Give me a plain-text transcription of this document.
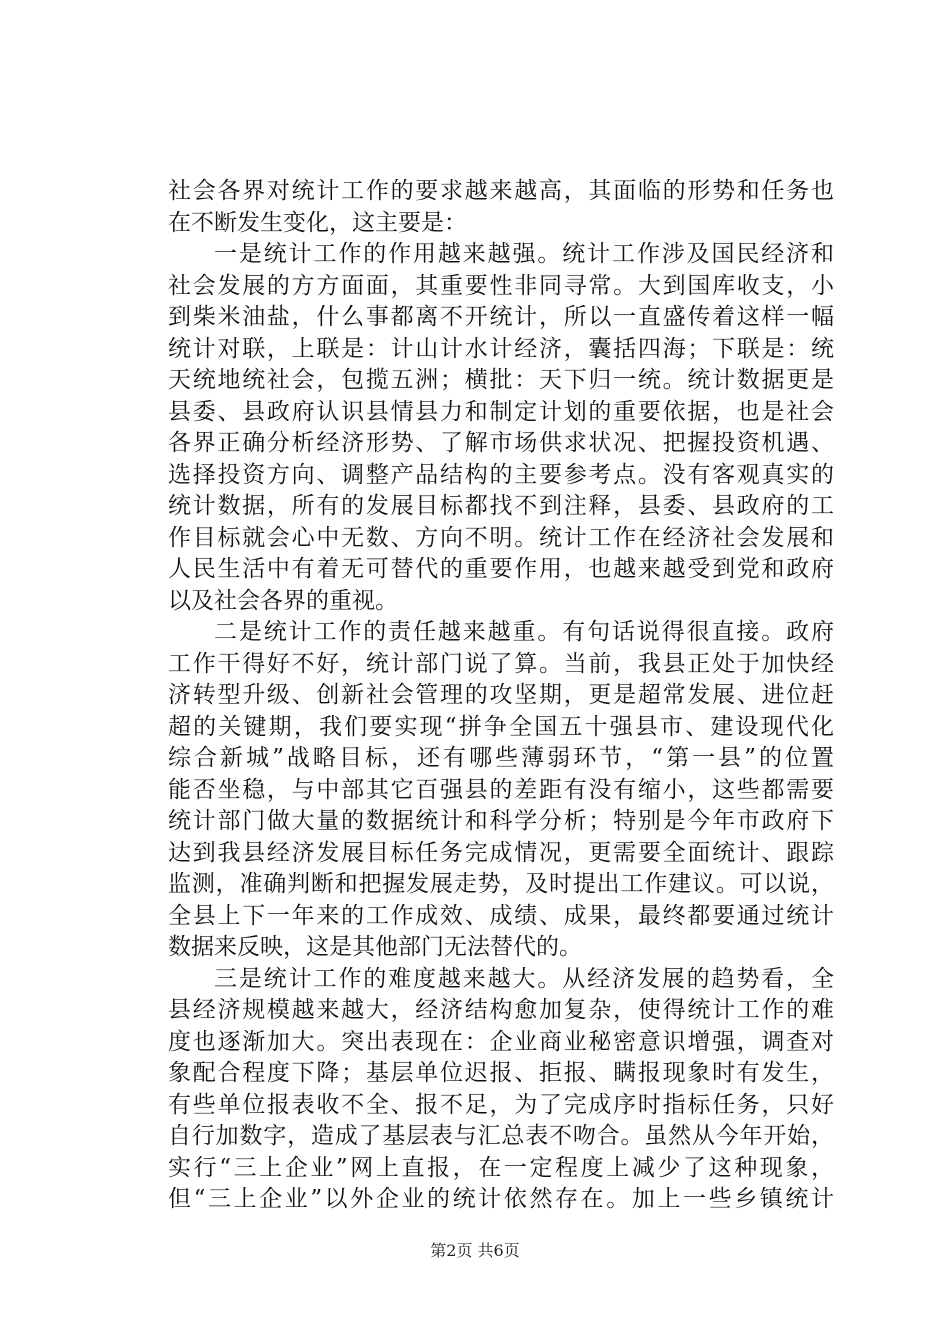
社会各界对统计工作的要求越来越高，其面临的形势和任务也
在不断发生变化，这主要是：
一是统计工作的作用越来越强。统计工作涉及国民经济和
社会发展的方方面面，其重要性非同寻常。大到国库收支，小
到柴米油盐，什么事都离不开统计，所以一直盛传着这样一幅
统计对联，上联是：计山计水计经济，囊括四海；下联是：统
天统地统社会，包揽五洲；横批：天下归一统。统计数据更是
县委、县政府认识县情县力和制定计划的重要依据，也是社会
各界正确分析经济形势、了解市场供求状况、把握投资机遇、
选择投资方向、调整产品结构的主要参考点。没有客观真实的
统计数据，所有的发展目标都找不到注释，县委、县政府的工
作目标就会心中无数、方向不明。统计工作在经济社会发展和
人民生活中有着无可替代的重要作用，也越来越受到党和政府
以及社会各界的重视。
二是统计工作的责任越来越重。有句话说得很直接。政府
工作干得好不好，统计部门说了算。当前，我县正处于加快经
济转型升级、创新社会管理的攻坚期，更是超常发展、进位赶
超的关键期，我们要实现“拼争全国五十强县市、建设现代化
综合新城”战略目标，还有哪些薄弱环节，“第一县”的位置
能否坐稳，与中部其它百强县的差距有没有缩小，这些都需要
统计部门做大量的数据统计和科学分析；特别是今年市政府下
达到我县经济发展目标任务完成情况，更需要全面统计、跟踪
监测，准确判断和把握发展走势，及时提出工作建议。可以说，
全县上下一年来的工作成效、成绩、成果，最终都要通过统计
数据来反映，这是其他部门无法替代的。
三是统计工作的难度越来越大。从经济发展的趋势看，全
县经济规模越来越大，经济结构愈加复杂，使得统计工作的难
度也逐渐加大。突出表现在：企业商业秘密意识增强，调查对
象配合程度下降；基层单位迟报、拒报、瞒报现象时有发生，
有些单位报表收不全、报不足，为了完成序时指标任务，只好
自行加数字，造成了基层表与汇总表不吻合。虽然从今年开始，
实行“三上企业”网上直报，在一定程度上减少了这种现象，
但“三上企业”以外企业的统计依然存在。加上一些乡镇统计
第2页 共6页
